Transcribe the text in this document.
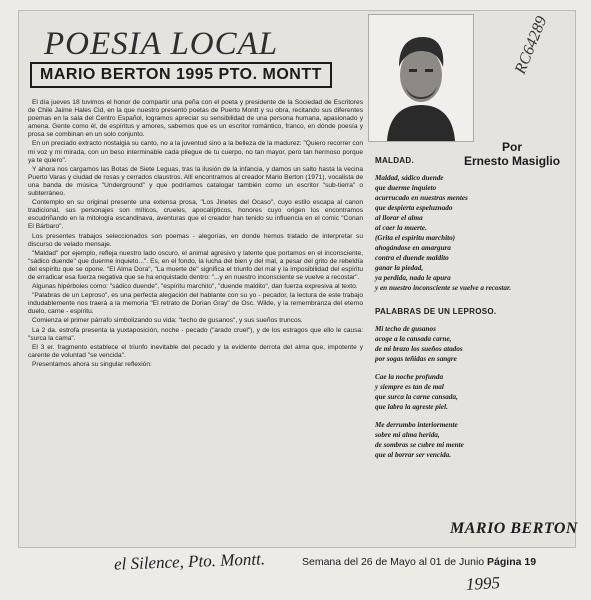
POESIA LOCAL
MARIO BERTON 1995 PTO. MONTT	RC64289
Por
Ernesto Masiglio

El día jueves 18 tuvimos el honor de compartir una peña con el poeta y presidente de la Sociedad de Escritores de Chile Jaime Hales Cid, en la que nuestro presentó poetas de Puerto Montt y su obra, recitando sus diferentes poemas en la sala del Centro Español, logramos apreciar su sensibilidad de una persona humana, apasionado y amena. Gente como él, de espíritus y amores, sabemos que es un escritor romántico, franco, en dónde poesía y prosa se combinan en un solo conjunto.

En un preciado extracto nostalgia su canto, no a la juventud sino a la belleza de la madurez: "Quiero recorrer con mi voz y mi mirada, con un beso interminable cada pliegue de tu cuerpo, no tan mayor, pero tan hermoso porque ya te quiero".

Y ahora nos cargamos las Botas de Siete Leguas, tras la ilusión de la infancia, y damos un salto hasta la vecina Puerto Varas y ciudad de rosas y cerrados claustros. Allí encontramos al creador Mario Berton (1971), vocalista de una banda de música "Underground" y que podríamos catalogar también como un escritor "sub-tierra" o subterráneo.

Contemplo en su original presente una extensa prosa, "Los Jinetes del Ocaso", cuyo estilo escapa al canon tradicional, sus personajes son míticos, crueles, apocalípticos, honores cuyo origen los encontramos escudriñando en la mitología escandinava, aventuras que el creador han tenido su influencia en el comic "Conan El Bárbaro".

Los presentes trabajos seleccionados son poemas - alegorías, en donde hemos tratado de interpretar su discurso de velado mensaje.

"Maldad" por ejemplo, refleja nuestro lado oscuro, el animal agresivo y latente que portamos en el inconsciente, "sádico duende" que duerme inquieto...". Es, en el fondo, la lucha del bien y del mal, a pesar del grito de rebeldía del espíritu que se opone. "El Alma Dora", "La muerte de" significa el triunfo del mal y la imposibilidad del espíritu de erradicar esa fuerza negativa que se ha enquistado dentro: "...y en nuestro inconsciente se vuelve a recostar".

Algunas hipérboles como: "sádico duende", "espíritu marchito", "duende maldito", dan fuerza expresiva al texto.

"Palabras de un Leproso", es una perfecta alegación del hablante con su yo - pecador, la lectura de este trabajo indudablemente nos traerá a la memoria "El retrato de Dorian Gray" de Osc. Wilde, y la remembranza del eterno duelo, carne - espíritu.

Comienza el primer párrafo simbolizando su vida: "techo de gusanos", y sus sueños truncos.

La 2 da. estrofa presenta la yuxtaposición, noche - pecado ("arado cruel"), y de los estragos que ello le causa: "surca la cama".

El 3 er. fragmento establece el triunfo inevitable del pecado y la evidente derrota del alma que, impotente y carente de voluntad "se vencida".

Presentamos ahora su singular reflexión:

MALDAD.
Maldad, sádico duende
que duerme inquieto
acurrucado en nuestras mentes
que despierta espeluznado
al llorar el alma
al caer la muerte.
(Grita el espíritu marchito)
ahogándose en amargura
contra el duende maldito
ganar la piedad,
ya perdida, nada le apura
y en nuestro inconsciente se vuelve a recostar.
PALABRAS DE UN LEPROSO.
Mi techo de gusanos
acoge a la cansada carne,
de mi brazo los sueños atados
por sogas teñidas en sangre
Cae la noche profunda
y siempre es tan de mal
que surca la carne cansada,
que labra la agreste piel.
Me derrumbo interiormente
sobre mi alma herida,
de sombras se cubre mi mente
que al borrar ser vencida.
MARIO BERTON
el Silence, Pto. Montt.	Semana del 26 de Mayo al 01 de Junio Página 19
1995
